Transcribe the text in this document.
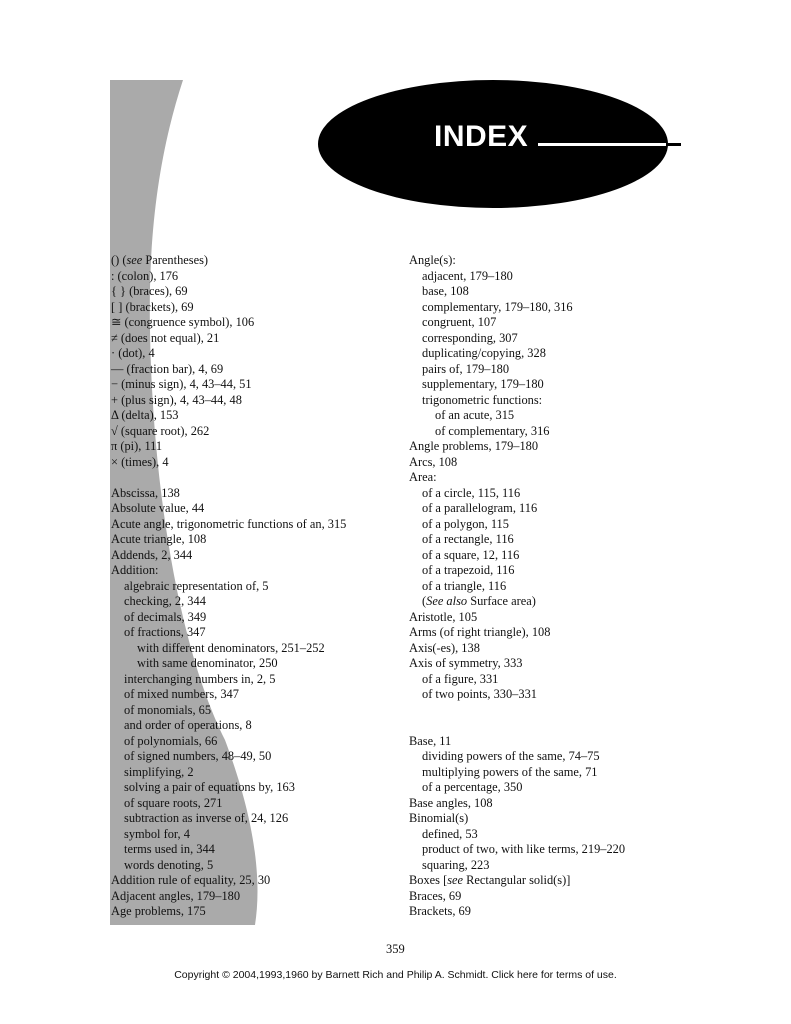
INDEX
() (see Parentheses)
: (colon), 176
{ } (braces), 69
[ ] (brackets), 69
≅ (congruence symbol), 106
≠ (does not equal), 21
· (dot), 4
— (fraction bar), 4, 69
− (minus sign), 4, 43–44, 51
+ (plus sign), 4, 43–44, 48
Δ (delta), 153
√ (square root), 262
π (pi), 111
× (times), 4
Abscissa, 138
Absolute value, 44
Acute angle, trigonometric functions of an, 315
Acute triangle, 108
Addends, 2, 344
Addition:
algebraic representation of, 5
checking, 2, 344
of decimals, 349
of fractions, 347
with different denominators, 251–252
with same denominator, 250
interchanging numbers in, 2, 5
of mixed numbers, 347
of monomials, 65
and order of operations, 8
of polynomials, 66
of signed numbers, 48–49, 50
simplifying, 2
solving a pair of equations by, 163
of square roots, 271
subtraction as inverse of, 24, 126
symbol for, 4
terms used in, 344
words denoting, 5
Addition rule of equality, 25, 30
Adjacent angles, 179–180
Age problems, 175
Angle(s):
adjacent, 179–180
base, 108
complementary, 179–180, 316
congruent, 107
corresponding, 307
duplicating/copying, 328
pairs of, 179–180
supplementary, 179–180
trigonometric functions:
of an acute, 315
of complementary, 316
Angle problems, 179–180
Arcs, 108
Area:
of a circle, 115, 116
of a parallelogram, 116
of a polygon, 115
of a rectangle, 116
of a square, 12, 116
of a trapezoid, 116
of a triangle, 116
(See also Surface area)
Aristotle, 105
Arms (of right triangle), 108
Axis(-es), 138
Axis of symmetry, 333
of a figure, 331
of two points, 330–331
Base, 11
dividing powers of the same, 74–75
multiplying powers of the same, 71
of a percentage, 350
Base angles, 108
Binomial(s)
defined, 53
product of two, with like terms, 219–220
squaring, 223
Boxes [see Rectangular solid(s)]
Braces, 69
Brackets, 69
359
Copyright © 2004,1993,1960 by Barnett Rich and Philip A. Schmidt. Click here for terms of use.
